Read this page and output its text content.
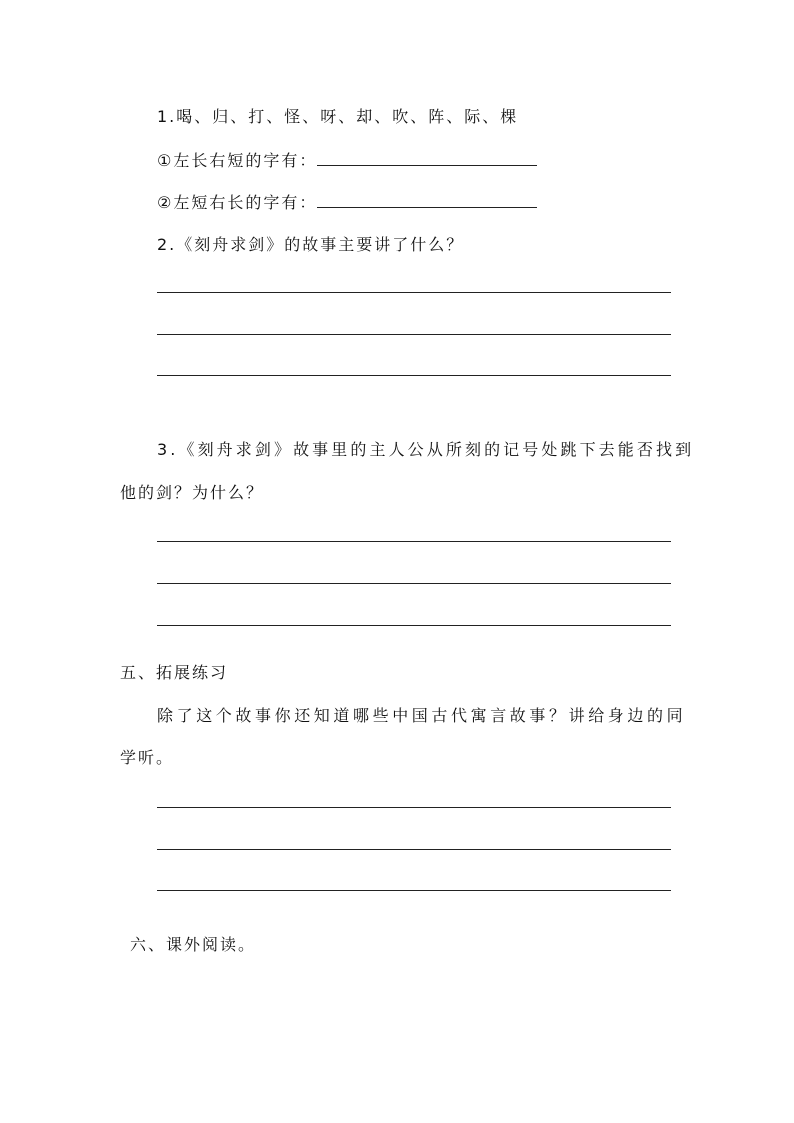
1.喝、归、打、怪、呀、却、吹、阵、际、棵
①左长右短的字有：
②左短右长的字有：
2.《刻舟求剑》的故事主要讲了什么？
3.《刻舟求剑》故事里的主人公从所刻的记号处跳下去能否找到
他的剑？为什么？
五、拓展练习
除了这个故事你还知道哪些中国古代寓言故事？讲给身边的同
学听。
六、课外阅读。
